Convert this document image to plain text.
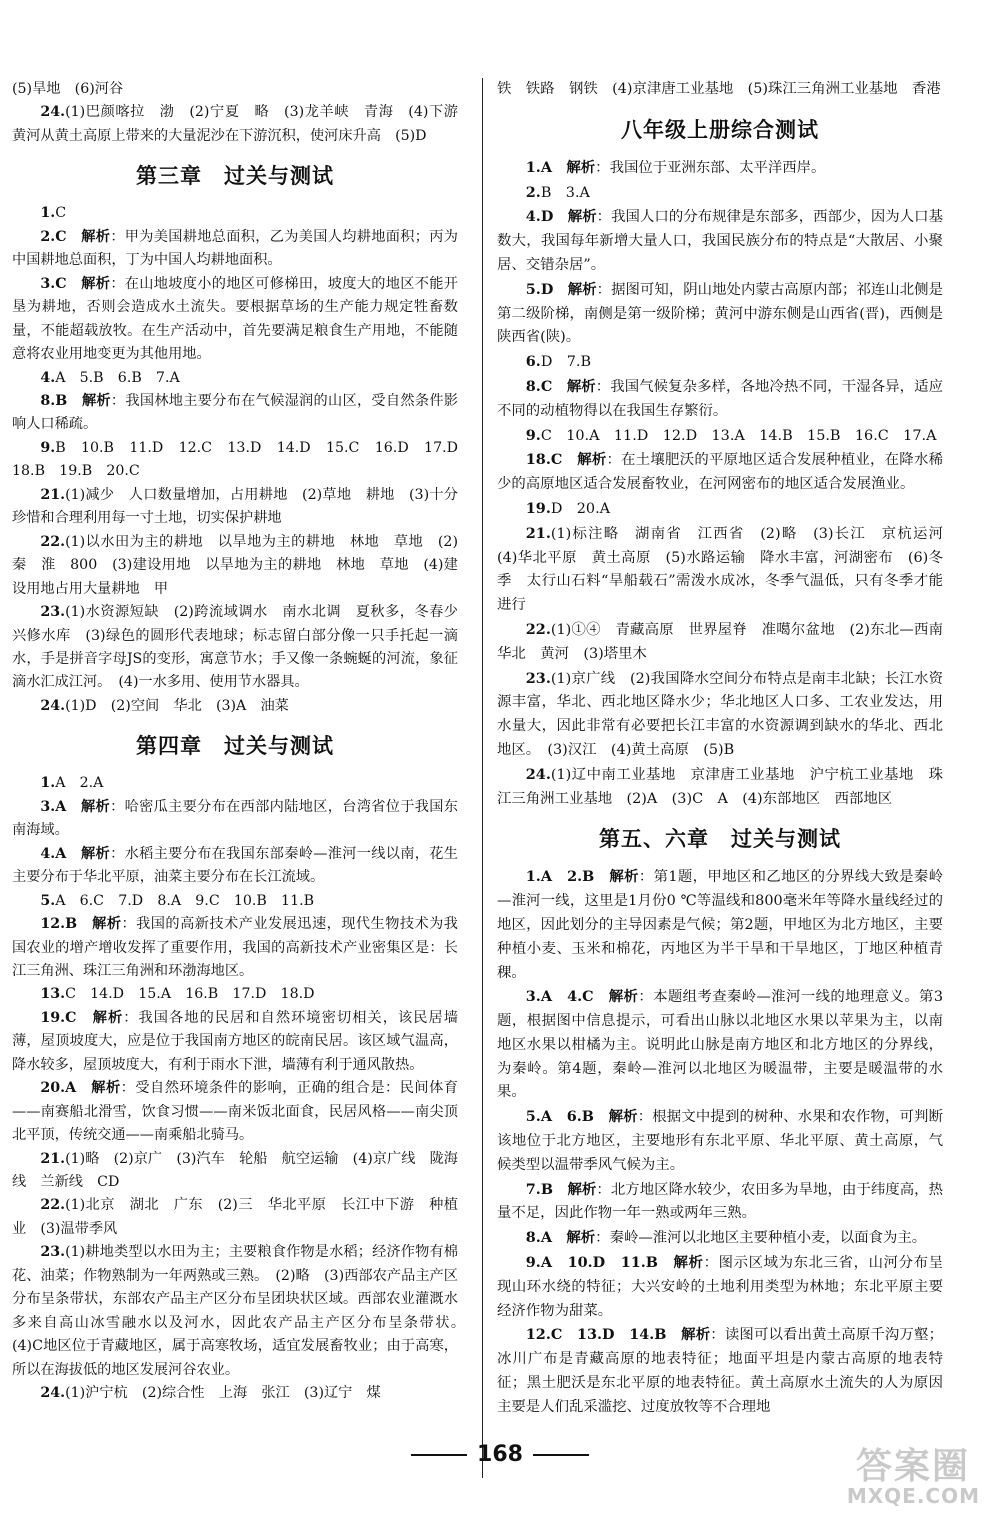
(5)旱地　(6)河谷

24.(1)巴颜喀拉　渤　(2)宁夏　略　(3)龙羊峡　青海　(4)下游　黄河从黄土高原上带来的大量泥沙在下游沉积，使河床升高　(5)D

第三章　过关与测试

1.C

2.C　解析：甲为美国耕地总面积，乙为美国人均耕地面积；丙为中国耕地总面积，丁为中国人均耕地面积。

3.C　解析：在山地坡度小的地区可修梯田，坡度大的地区不能开垦为耕地，否则会造成水土流失。要根据草场的生产能力规定牲畜数量，不能超载放牧。在生产活动中，首先要满足粮食生产用地，不能随意将农业用地变更为其他用地。

4.A　5.B　6.B　7.A

8.B　解析：我国林地主要分布在气候湿润的山区，受自然条件影响人口稀疏。

9.B　10.B　11.D　12.C　13.D　14.D　15.C　16.D　17.D　18.B　19.B　20.C

21.(1)减少　人口数量增加，占用耕地　(2)草地　耕地　(3)十分珍惜和合理利用每一寸土地，切实保护耕地

22.(1)以水田为主的耕地　以旱地为主的耕地　林地　草地　(2)秦　淮　800　(3)建设用地　以旱地为主的耕地　林地　草地　(4)建设用地占用大量耕地　甲

23.(1)水资源短缺　(2)跨流域调水　南水北调　夏秋多，冬春少　兴修水库　(3)绿色的圆形代表地球；标志留白部分像一只手托起一滴水，手是拼音字母JS的变形，寓意节水；手又像一条蜿蜒的河流，象征滴水汇成江河。　(4)一水多用、使用节水器具。

24.(1)D　(2)空间　华北　(3)A　油菜

第四章　过关与测试

1.A　2.A

3.A　解析：哈密瓜主要分布在西部内陆地区，台湾省位于我国东南海域。

4.A　解析：水稻主要分布在我国东部秦岭—淮河一线以南，花生主要分布于华北平原，油菜主要分布在长江流域。

5.A　6.C　7.D　8.A　9.C　10.B　11.B

12.B　解析：我国的高新技术产业发展迅速，现代生物技术为我国农业的增产增收发挥了重要作用，我国的高新技术产业密集区是：长江三角洲、珠江三角洲和环渤海地区。

13.C　14.D　15.A　16.B　17.D　18.D

19.C　解析：我国各地的民居和自然环境密切相关，该民居墙薄，屋顶坡度大，应是位于我国南方地区的皖南民居。该区域气温高，降水较多，屋顶坡度大，有利于雨水下泄，墙薄有利于通风散热。

20.A　解析：受自然环境条件的影响，正确的组合是：民间体育——南赛船北滑雪，饮食习惯——南米饭北面食，民居风格——南尖顶北平顶，传统交通——南乘船北骑马。

21.(1)略　(2)京广　(3)汽车　轮船　航空运输　(4)京广线　陇海线　兰新线　CD

22.(1)北京　湖北　广东　(2)三　华北平原　长江中下游　种植业　(3)温带季风

23.(1)耕地类型以水田为主；主要粮食作物是水稻；经济作物有棉花、油菜；作物熟制为一年两熟或三熟。　(2)略　(3)西部农产品主产区分布呈条带状，东部农产品主产区分布呈团块状区域。西部农业灌溉水多来自高山冰雪融水以及河水，因此农产品主产区分布呈条带状。　(4)C地区位于青藏地区，属于高寒牧场，适宜发展畜牧业；由于高寒，所以在海拔低的地区发展河谷农业。

24.(1)沪宁杭　(2)综合性　上海　张江　(3)辽宁　煤

铁　铁路　钢铁　(4)京津唐工业基地　(5)珠江三角洲工业基地　香港

八年级上册综合测试

1.A　解析：我国位于亚洲东部、太平洋西岸。

2.B　3.A

4.D　解析：我国人口的分布规律是东部多，西部少，因为人口基数大，我国每年新增大量人口，我国民族分布的特点是“大散居、小聚居、交错杂居”。

5.D　解析：据图可知，阴山地处内蒙古高原内部；祁连山北侧是第二级阶梯，南侧是第一级阶梯；黄河中游东侧是山西省(晋)，西侧是陕西省(陕)。

6.D　7.B

8.C　解析：我国气候复杂多样，各地冷热不同，干湿各异，适应不同的动植物得以在我国生存繁衍。

9.C　10.A　11.D　12.D　13.A　14.B　15.B　16.C　17.A

18.C　解析：在土壤肥沃的平原地区适合发展种植业，在降水稀少的高原地区适合发展畜牧业，在河网密布的地区适合发展渔业。

19.D　20.A

21.(1)标注略　湖南省　江西省　(2)略　(3)长江　京杭运河　(4)华北平原　黄土高原　(5)水路运输　降水丰富，河湖密布　(6)冬季　太行山石料“旱船载石”需泼水成冰，冬季气温低，只有冬季才能进行

22.(1)①④　青藏高原　世界屋脊　准噶尔盆地　(2)东北—西南　华北　黄河　(3)塔里木

23.(1)京广线　(2)我国降水空间分布特点是南丰北缺；长江水资源丰富，华北、西北地区降水少；华北地区人口多、工农业发达，用水量大，因此非常有必要把长江丰富的水资源调到缺水的华北、西北地区。　(3)汉江　(4)黄土高原　(5)B

24.(1)辽中南工业基地　京津唐工业基地　沪宁杭工业基地　珠江三角洲工业基地　(2)A　(3)C　A　(4)东部地区　西部地区

第五、六章　过关与测试

1.A　2.B　解析：第1题，甲地区和乙地区的分界线大致是秦岭—淮河一线，这里是1月份0 ℃等温线和800毫米年等降水量线经过的地区，因此划分的主导因素是气候；第2题，甲地区为北方地区，主要种植小麦、玉米和棉花，丙地区为半干旱和干旱地区，丁地区种植青稞。

3.A　4.C　解析：本题组考查秦岭—淮河一线的地理意义。第3题，根据图中信息提示，可看出山脉以北地区水果以苹果为主，以南地区水果以柑橘为主。说明此山脉是南方地区和北方地区的分界线，为秦岭。第4题，秦岭—淮河以北地区为暖温带，主要是暖温带的水果。

5.A　6.B　解析：根据文中提到的树种、水果和农作物，可判断该地位于北方地区，主要地形有东北平原、华北平原、黄土高原，气候类型以温带季风气候为主。

7.B　解析：北方地区降水较少，农田多为旱地，由于纬度高，热量不足，因此作物一年一熟或两年三熟。

8.A　解析：秦岭—淮河以北地区主要种植小麦，以面食为主。

9.A　10.D　11.B　解析：图示区域为东北三省，山河分布呈现山环水绕的特征；大兴安岭的土地利用类型为林地；东北平原主要经济作物为甜菜。

12.C　13.D　14.B　解析：读图可以看出黄土高原千沟万壑；冰川广布是青藏高原的地表特征；地面平坦是内蒙古高原的地表特征；黑土肥沃是东北平原的地表特征。黄土高原水土流失的人为原因主要是人们乱采滥挖、过度放牧等不合理地

168	答案圈
MXQE.COM
